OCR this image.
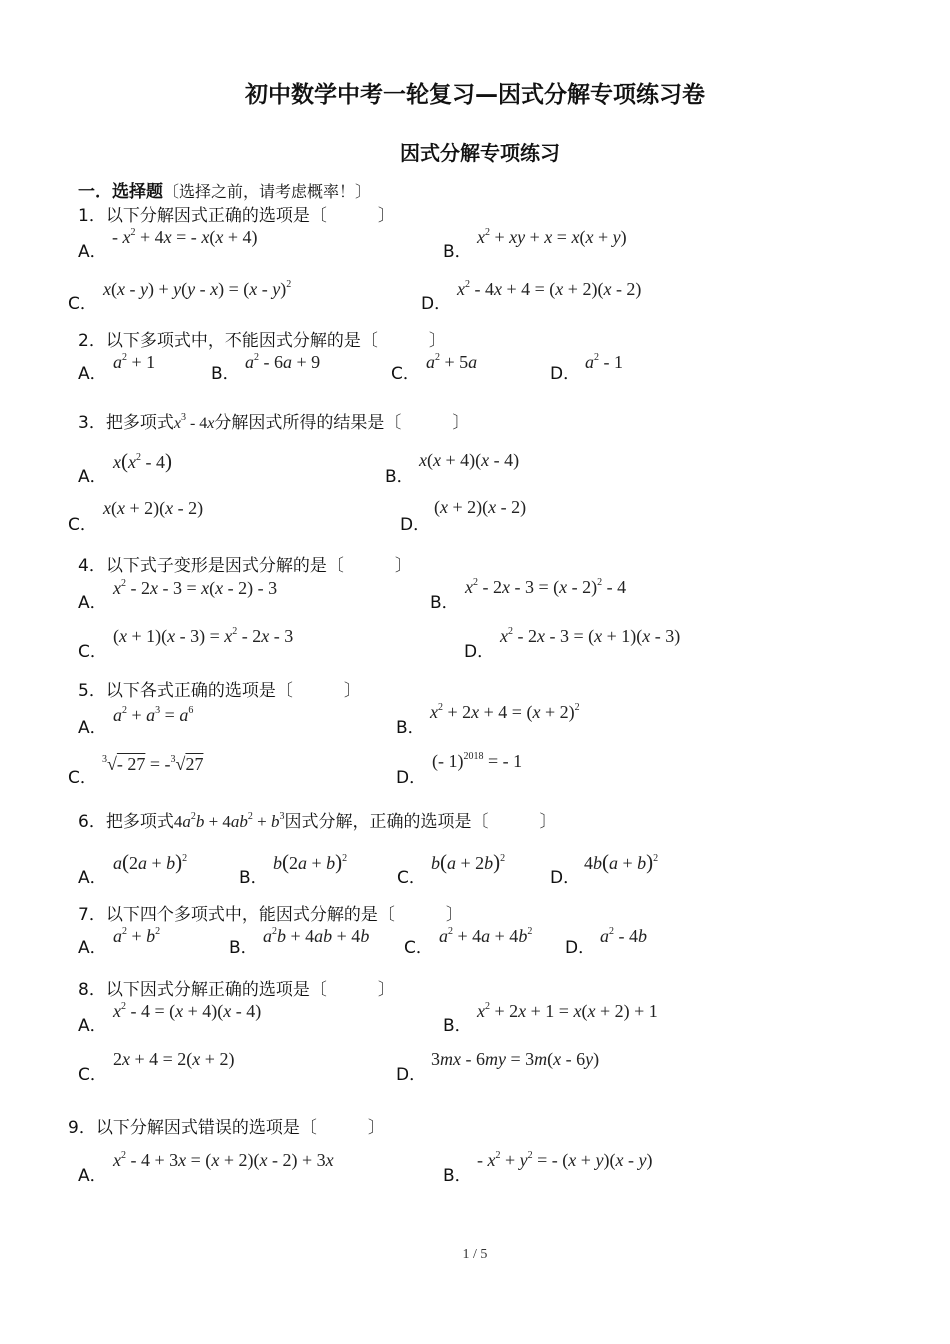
初中数学中考一轮复习—因式分解专项练习卷
因式分解专项练习
一．选择题〔选择之前，请考虑概率！〕
1．以下分解因式正确的选项是〔　　　〕
A．
- $x^2 + 4x$ = - x(x + 4)
B．
$x^2$ + xy + x = x(x + y)
C．
x(x - y) + y(y - x) = (x - y)$^2$
D．
$x^2 - 4x + 4 = (x + 2)(x - 2)$
2．以下多项式中，不能因式分解的是〔　　　〕
A．
$a^2 + 1$
B．
$a^2 - 6a + 9$
C．
$a^2 + 5a$
D．
$a^2 - 1$
3．把多项式$x^3 - 4x$分解因式所得的结果是〔　　　〕
A．
$x(x^2 - 4)$
B．
x(x + 4)(x - 4)
C．
x(x + 2)(x - 2)
D．
(x + 2)(x - 2)
4．以下式子变形是因式分解的是〔　　　〕
A．
$x^2 - 2x - 3 = x(x - 2) - 3$
B．
$x^2 - 2x - 3 = (x - 2)^2 - 4$
C．
$(x + 1)(x - 3) = x^2 - 2x - 3$
D．
$x^2 - 2x - 3 = (x + 1)(x - 3)$
5．以下各式正确的选项是〔　　　〕
A．
$a^2 + a^3 = a^6$
B．
$x^2 + 2x + 4 = (x + 2)^2$
C．
$^3$√- 27 = -$^3$√27
D．
(- 1)$^{2018}$ = - 1
6．把多项式$4a^2b + 4ab^2 + b^3$因式分解，正确的选项是〔　　　〕
A．
$a(2a + b)^2$
B．
$b(2a + b)^2$
C．
$b(a + 2b)^2$
D．
$4b(a + b)^2$
7．以下四个多项式中，能因式分解的是〔　　　〕
A．
$a^2 + b^2$
B．
$a^2b + 4ab + 4b$
C．
$a^2 + 4a + 4b^2$
D．
$a^2 - 4b$
8．以下因式分解正确的选项是〔　　　〕
A．
$x^2 - 4 = (x + 4)(x - 4)$
B．
$x^2 + 2x + 1 = x(x + 2) + 1$
C．
2x + 4 = 2(x + 2)
D．
3mx - 6my = 3m(x - 6y)
9．以下分解因式错误的选项是〔　　　〕
A．
$x^2 - 4 + 3x = (x + 2)(x - 2) + 3x$
B．
- $x^2 + y^2$ = - (x + y)(x - y)
1 / 5
